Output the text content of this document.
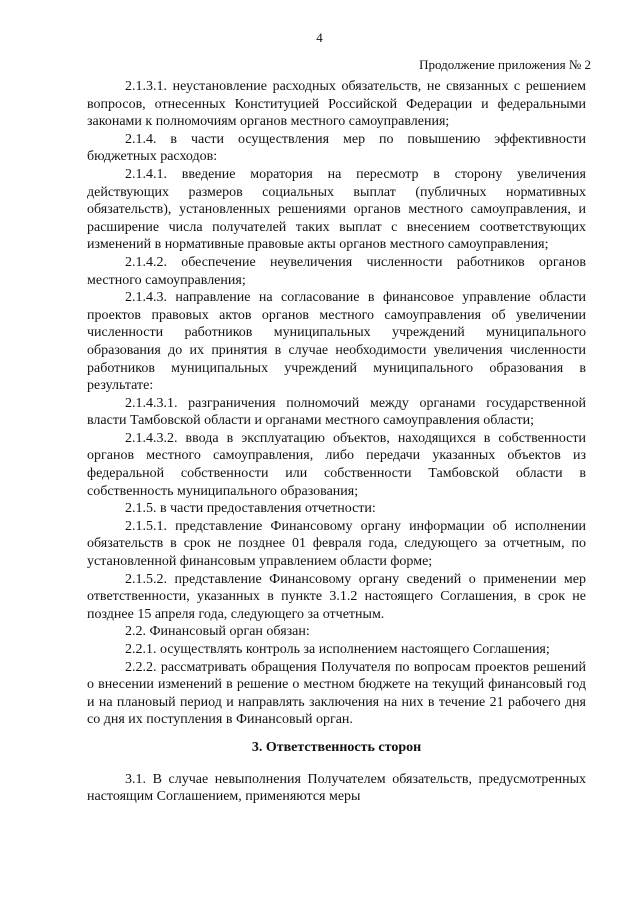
4
Продолжение приложения № 2

2.1.3.1. неустановление расходных обязательств, не связанных с решением вопросов, отнесенных Конституцией Российской Федерации и федеральными законами к полномочиям органов местного самоуправления;

2.1.4. в части осуществления мер по повышению эффективности бюджетных расходов:

2.1.4.1. введение моратория на пересмотр в сторону увеличения действующих размеров социальных выплат (публичных нормативных обязательств), установленных решениями органов местного самоуправления, и расширение числа получателей таких выплат с внесением соответствующих изменений в нормативные правовые акты органов местного самоуправления;

2.1.4.2. обеспечение неувеличения численности работников органов местного самоуправления;

2.1.4.3. направление на согласование в финансовое управление области проектов правовых актов органов местного самоуправления об увеличении численности работников муниципальных учреждений муниципального образования до их принятия в случае необходимости увеличения численности работников муниципальных учреждений муниципального образования в результате:

2.1.4.3.1. разграничения полномочий между органами государственной власти Тамбовской области и органами местного самоуправления области;

2.1.4.3.2. ввода в эксплуатацию объектов, находящихся в собственности органов местного самоуправления, либо передачи указанных объектов из федеральной собственности или собственности Тамбовской области в собственность муниципального образования;

2.1.5. в части предоставления отчетности:

2.1.5.1. представление Финансовому органу информации об исполнении обязательств в срок не позднее 01 февраля года, следующего за отчетным, по установленной финансовым управлением области форме;

2.1.5.2. представление Финансовому органу сведений о применении мер ответственности, указанных в пункте 3.1.2 настоящего Соглашения, в срок не позднее 15 апреля года, следующего за отчетным.

2.2. Финансовый орган обязан:

2.2.1. осуществлять контроль за исполнением настоящего Соглашения;

2.2.2. рассматривать обращения Получателя по вопросам проектов решений о внесении изменений в решение о местном бюджете на текущий финансовый год и на плановый период и направлять заключения на них в течение 21 рабочего дня со дня их поступления в Финансовый орган.

3. Ответственность сторон

3.1. В случае невыполнения Получателем обязательств, предусмотренных настоящим Соглашением, применяются меры
